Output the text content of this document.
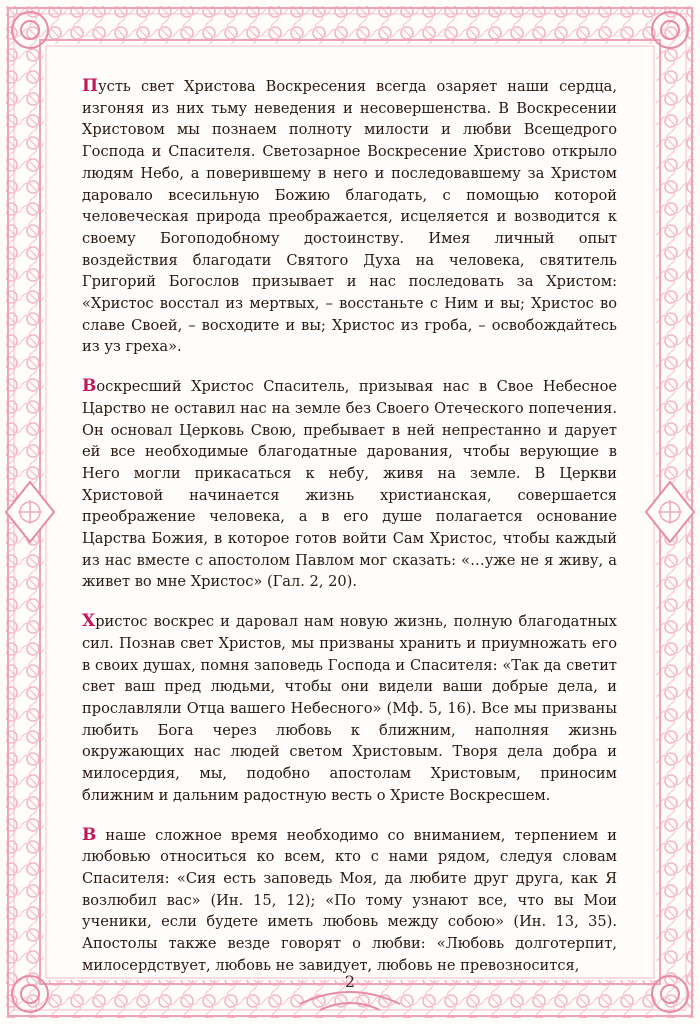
Пусть свет Христова Воскресения всегда озаряет наши сердца, изгоняя из них тьму неведения и несовершенства. В Воскресении Христовом мы познаем полноту милости и любви Всещедрого Господа и Спасителя. Светозарное Воскресение Христово открыло людям Небо, а поверившему в него и последовавшему за Христом даровало всесильную Божию благодать, с помощью которой человеческая природа преображается, исцеляется и возводится к своему Богоподобному достоинству. Имея личный опыт воздействия благодати Святого Духа на человека, святитель Григорий Богослов призывает и нас последовать за Христом: «Христос восстал из мертвых, – восстаньте с Ним и вы; Христос во славе Своей, – восходите и вы; Христос из гроба, – освобождайтесь из уз греха».

Воскресший Христос Спаситель, призывая нас в Свое Небесное Царство не оставил нас на земле без Своего Отеческого попечения. Он основал Церковь Свою, пребывает в ней непрестанно и дарует ей все необходимые благодатные дарования, чтобы верующие в Него могли прикасаться к небу, живя на земле. В Церкви Христовой начинается жизнь христианская, совершается преображение человека, а в его душе полагается основание Царства Божия, в которое готов войти Сам Христос, чтобы каждый из нас вместе с апостолом Павлом мог сказать: «…уже не я живу, а живет во мне Христос» (Гал. 2, 20).

Христос воскрес и даровал нам новую жизнь, полную благодатных сил. Познав свет Христов, мы призваны хранить и приумножать его в своих душах, помня заповедь Господа и Спасителя: «Так да светит свет ваш пред людьми, чтобы они видели ваши добрые дела, и прославляли Отца вашего Небесного» (Мф. 5, 16). Все мы призваны любить Бога через любовь к ближним, наполняя жизнь окружающих нас людей светом Христовым. Творя дела добра и милосердия, мы, подобно апостолам Христовым, приносим ближним и дальним радостную весть о Христе Воскресшем.

В наше сложное время необходимо со вниманием, терпением и любовью относиться ко всем, кто с нами рядом, следуя словам Спасителя: «Сия есть заповедь Моя, да любите друг друга, как Я возлюбил вас» (Ин. 15, 12); «По тому узнают все, что вы Мои ученики, если будете иметь любовь между собою» (Ин. 13, 35). Апостолы также везде говорят о любви: «Любовь долготерпит, милосердствует, любовь не завидует, любовь не превозносится,

2
